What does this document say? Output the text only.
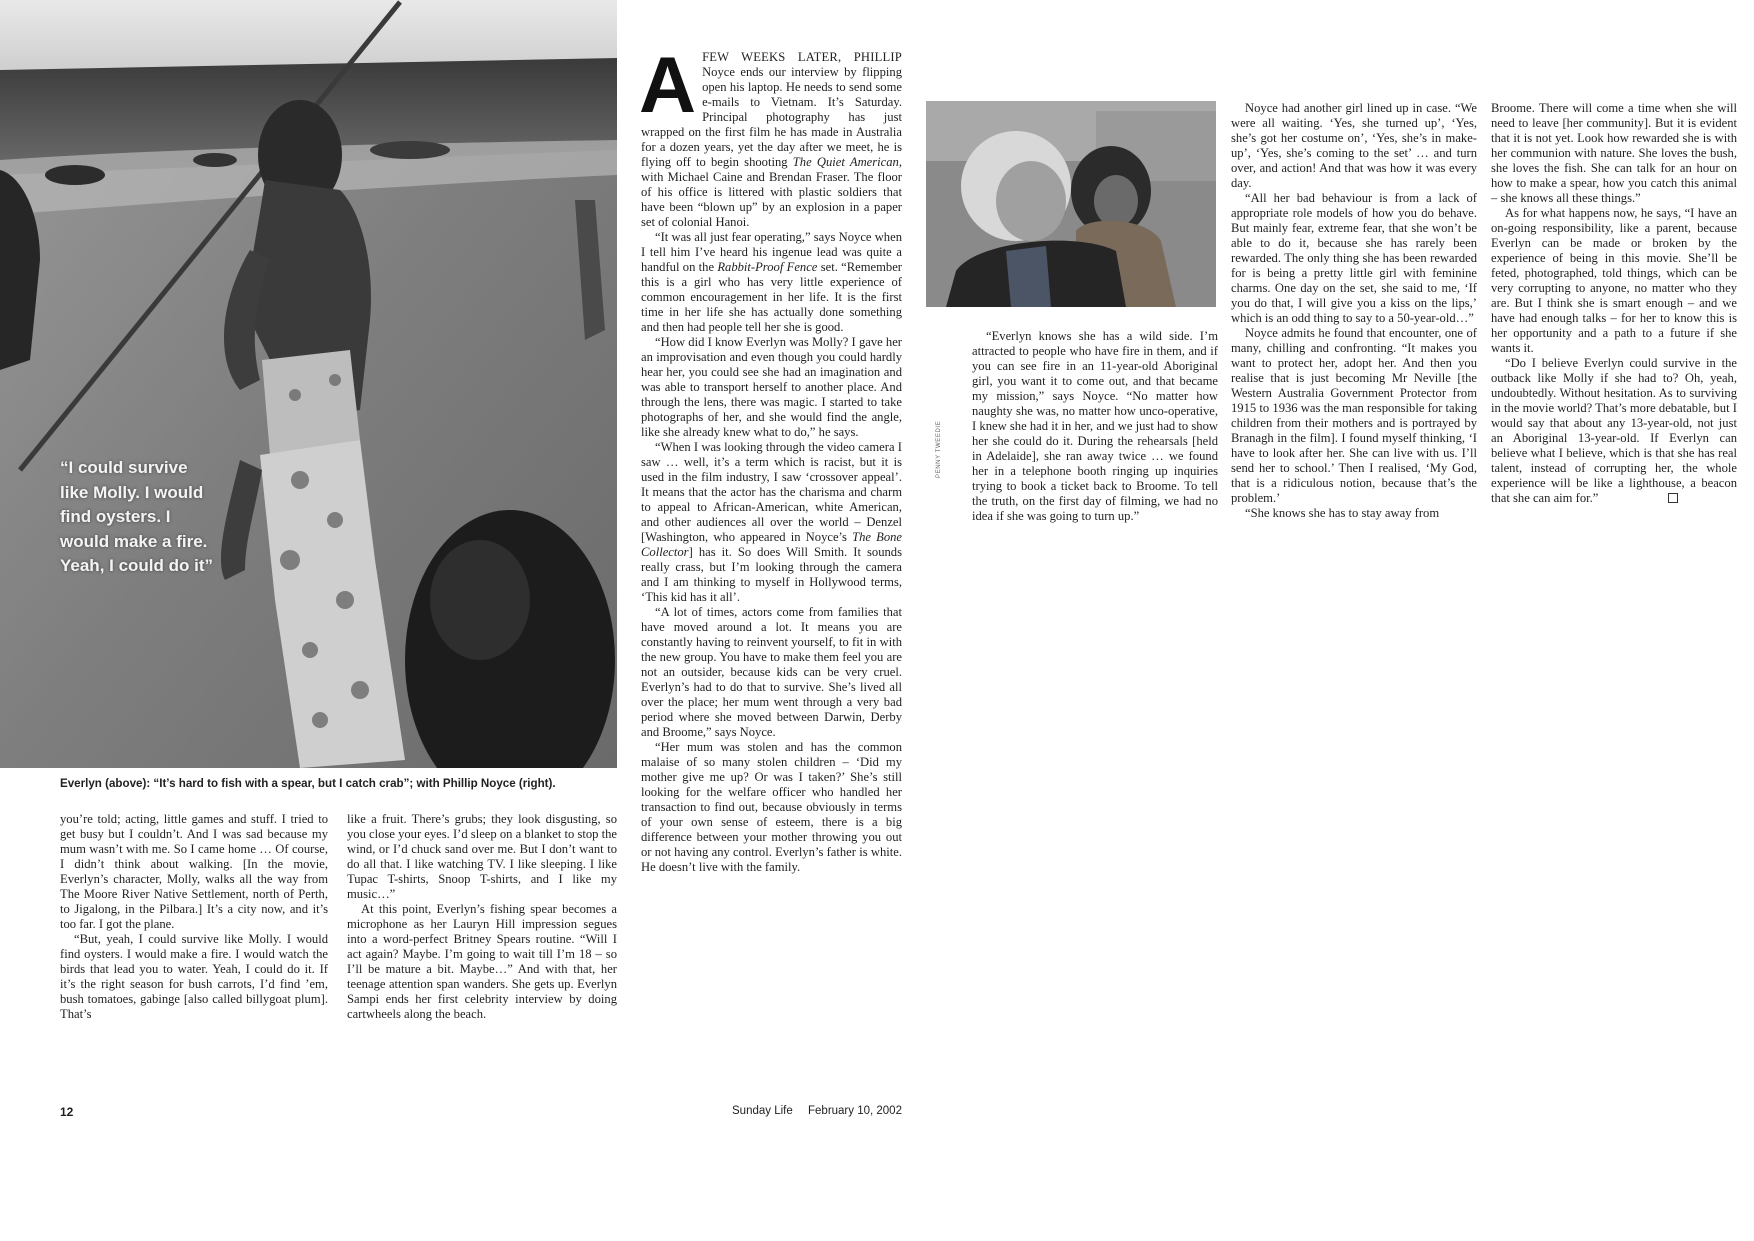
“I could survive like Molly. I would find oysters. I would make a fire. Yeah, I could do it”
Everlyn (above): “It’s hard to fish with a spear, but I catch crab”; with Phillip Noyce (right).

you’re told; acting, little games and stuff. I tried to get busy but I couldn’t. And I was sad because my mum wasn’t with me. So I came home … Of course, I didn’t think about walking. [In the movie, Everlyn’s character, Molly, walks all the way from The Moore River Native Settlement, north of Perth, to Jigalong, in the Pilbara.] It’s a city now, and it’s too far. I got the plane.

“But, yeah, I could survive like Molly. I would find oysters. I would make a fire. I would watch the birds that lead you to water. Yeah, I could do it. If it’s the right season for bush carrots, I’d find ’em, bush tomatoes, gabinge [also called billygoat plum]. That’s

like a fruit. There’s grubs; they look disgusting, so you close your eyes. I’d sleep on a blanket to stop the wind, or I’d chuck sand over me. But I don’t want to do all that. I like watching TV. I like sleeping. I like Tupac T-shirts, Snoop T-shirts, and I like my music…”

At this point, Everlyn’s fishing spear becomes a microphone as her Lauryn Hill impression segues into a word-perfect Britney Spears routine. “Will I act again? Maybe. I’m going to wait till I’m 18 – so I’ll be mature a bit. Maybe…” And with that, her teenage attention span wanders. She gets up. Everlyn Sampi ends her first celebrity interview by doing cartwheels along the beach.

AFEW WEEKS LATER, PHILLIP Noyce ends our interview by flipping open his laptop. He needs to send some e-mails to Vietnam. It’s Saturday. Principal photography has just wrapped on the first film he has made in Australia for a dozen years, yet the day after we meet, he is flying off to begin shooting The Quiet American, with Michael Caine and Brendan Fraser. The floor of his office is littered with plastic soldiers that have been “blown up” by an explosion in a paper set of colonial Hanoi.

“It was all just fear operating,” says Noyce when I tell him I’ve heard his ingenue lead was quite a handful on the Rabbit-Proof Fence set. “Remember this is a girl who has very little experience of common encouragement in her life. It is the first time in her life she has actually done something and then had people tell her she is good.

“How did I know Everlyn was Molly? I gave her an improvisation and even though you could hardly hear her, you could see she had an imagination and was able to transport herself to another place. And through the lens, there was magic. I started to take photographs of her, and she would find the angle, like she already knew what to do,” he says.

“When I was looking through the video camera I saw … well, it’s a term which is racist, but it is used in the film industry, I saw ‘crossover appeal’. It means that the actor has the charisma and charm to appeal to African-American, white American, and other audiences all over the world – Denzel [Washington, who appeared in Noyce’s The Bone Collector] has it. So does Will Smith. It sounds really crass, but I’m looking through the camera and I am thinking to myself in Hollywood terms, ‘This kid has it all’.

“A lot of times, actors come from families that have moved around a lot. It means you are constantly having to reinvent yourself, to fit in with the new group. You have to make them feel you are not an outsider, because kids can be very cruel. Everlyn’s had to do that to survive. She’s lived all over the place; her mum went through a very bad period where she moved between Darwin, Derby and Broome,” says Noyce.

“Her mum was stolen and has the common malaise of so many stolen children – ‘Did my mother give me up? Or was I taken?’ She’s still looking for the welfare officer who handled her transaction to find out, because obviously in terms of your own sense of esteem, there is a big difference between your mother throwing you out or not having any control. Everlyn’s father is white. He doesn’t live with the family.

PENNY TWEEDIE

“Everlyn knows she has a wild side. I’m attracted to people who have fire in them, and if you can see fire in an 11-year-old Aboriginal girl, you want it to come out, and that became my mission,” says Noyce. “No matter how naughty she was, no matter how unco-operative, I knew she had it in her, and we just had to show her she could do it. During the rehearsals [held in Adelaide], she ran away twice … we found her in a telephone booth ringing up inquiries trying to book a ticket back to Broome. To tell the truth, on the first day of filming, we had no idea if she was going to turn up.”

Noyce had another girl lined up in case. “We were all waiting. ‘Yes, she turned up’, ‘Yes, she’s got her costume on’, ‘Yes, she’s in make-up’, ‘Yes, she’s coming to the set’ … and turn over, and action! And that was how it was every day.

“All her bad behaviour is from a lack of appropriate role models of how you do behave. But mainly fear, extreme fear, that she won’t be able to do it, because she has rarely been rewarded. The only thing she has been rewarded for is being a pretty little girl with feminine charms. One day on the set, she said to me, ‘If you do that, I will give you a kiss on the lips,’ which is an odd thing to say to a 50-year-old…”

Noyce admits he found that encounter, one of many, chilling and confronting. “It makes you want to protect her, adopt her. And then you realise that is just becoming Mr Neville [the Western Australia Government Protector from 1915 to 1936 was the man responsible for taking children from their mothers and is portrayed by Branagh in the film]. I found myself thinking, ‘I have to look after her. She can live with us. I’ll send her to school.’ Then I realised, ‘My God, that is a ridiculous notion, because that’s the problem.’

“She knows she has to stay away from

Broome. There will come a time when she will need to leave [her community]. But it is evident that it is not yet. Look how rewarded she is with her communion with nature. She loves the bush, she loves the fish. She can talk for an hour on how to make a spear, how you catch this animal – she knows all these things.”

As for what happens now, he says, “I have an on-going responsibility, like a parent, because Everlyn can be made or broken by the experience of being in this movie. She’ll be feted, photographed, told things, which can be very corrupting to anyone, no matter who they are. But I think she is smart enough – and we have had enough talks – for her to know this is her opportunity and a path to a future if she wants it.

“Do I believe Everlyn could survive in the outback like Molly if she had to? Oh, yeah, undoubtedly. Without hesitation. As to surviving in the movie world? That’s more debatable, but I would say that about any 13-year-old, not just an Aboriginal 13-year-old. If Everlyn can believe what I believe, which is that she has real talent, instead of corrupting her, the whole experience will be like a lighthouse, a beacon that she can aim for.”

12	Sunday Life February 10, 2002
